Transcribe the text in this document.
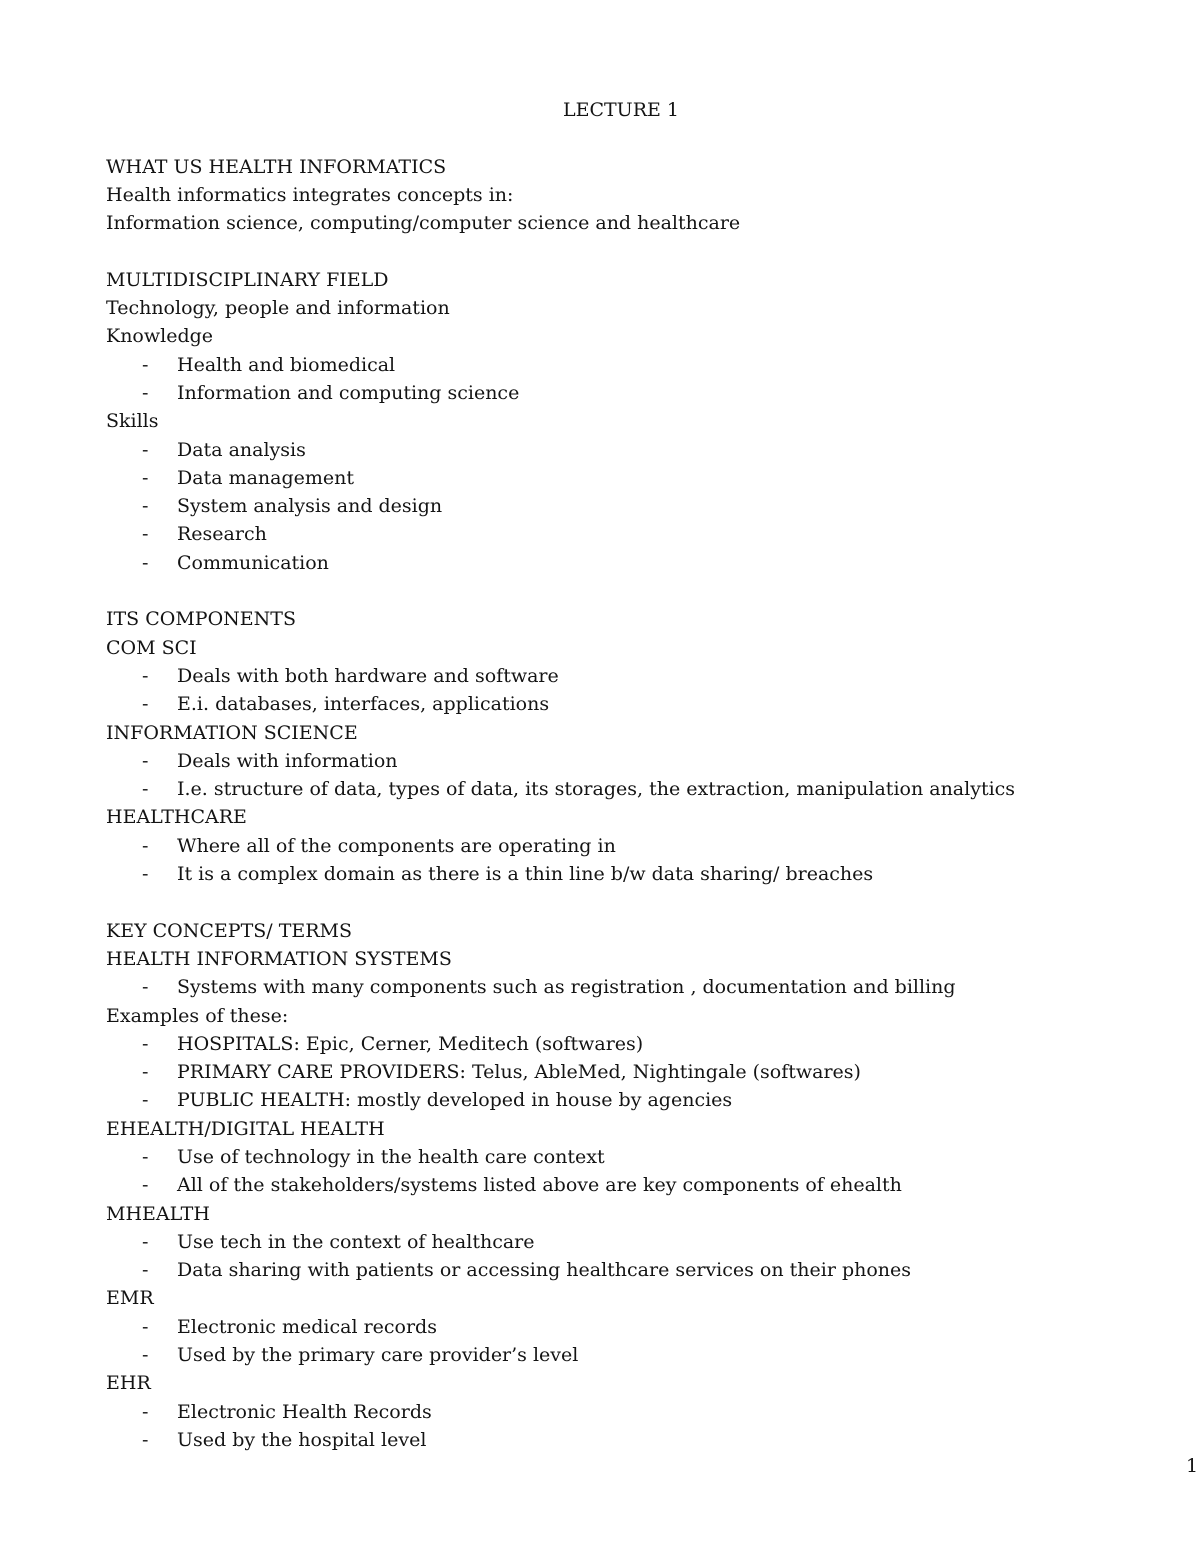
LECTURE 1
WHAT US HEALTH INFORMATICS
Health informatics integrates concepts in:
Information science, computing/computer science and healthcare
MULTIDISCIPLINARY FIELD
Technology, people and information
Knowledge
- Health and biomedical
- Information and computing science
Skills
- Data analysis
- Data management
- System analysis and design
- Research
- Communication
ITS COMPONENTS
COM SCI
- Deals with both hardware and software
- E.i. databases, interfaces, applications
INFORMATION SCIENCE
- Deals with information
- I.e. structure of data, types of data, its storages, the extraction, manipulation analytics
HEALTHCARE
- Where all of the components are operating in
- It is a complex domain as there is a thin line b/w data sharing/ breaches
KEY CONCEPTS/ TERMS
HEALTH INFORMATION SYSTEMS
- Systems with many components such as registration , documentation and billing
Examples of these:
- HOSPITALS: Epic, Cerner, Meditech (softwares)
- PRIMARY CARE PROVIDERS: Telus, AbleMed, Nightingale (softwares)
- PUBLIC HEALTH: mostly developed in house by agencies
EHEALTH/DIGITAL HEALTH
- Use of technology in the health care context
- All of the stakeholders/systems listed above are key components of ehealth
MHEALTH
- Use tech in the context of healthcare
- Data sharing with patients or accessing healthcare services on their phones
EMR
- Electronic medical records
- Used by the primary care provider’s level
EHR
- Electronic Health Records
- Used by the hospital level
1
